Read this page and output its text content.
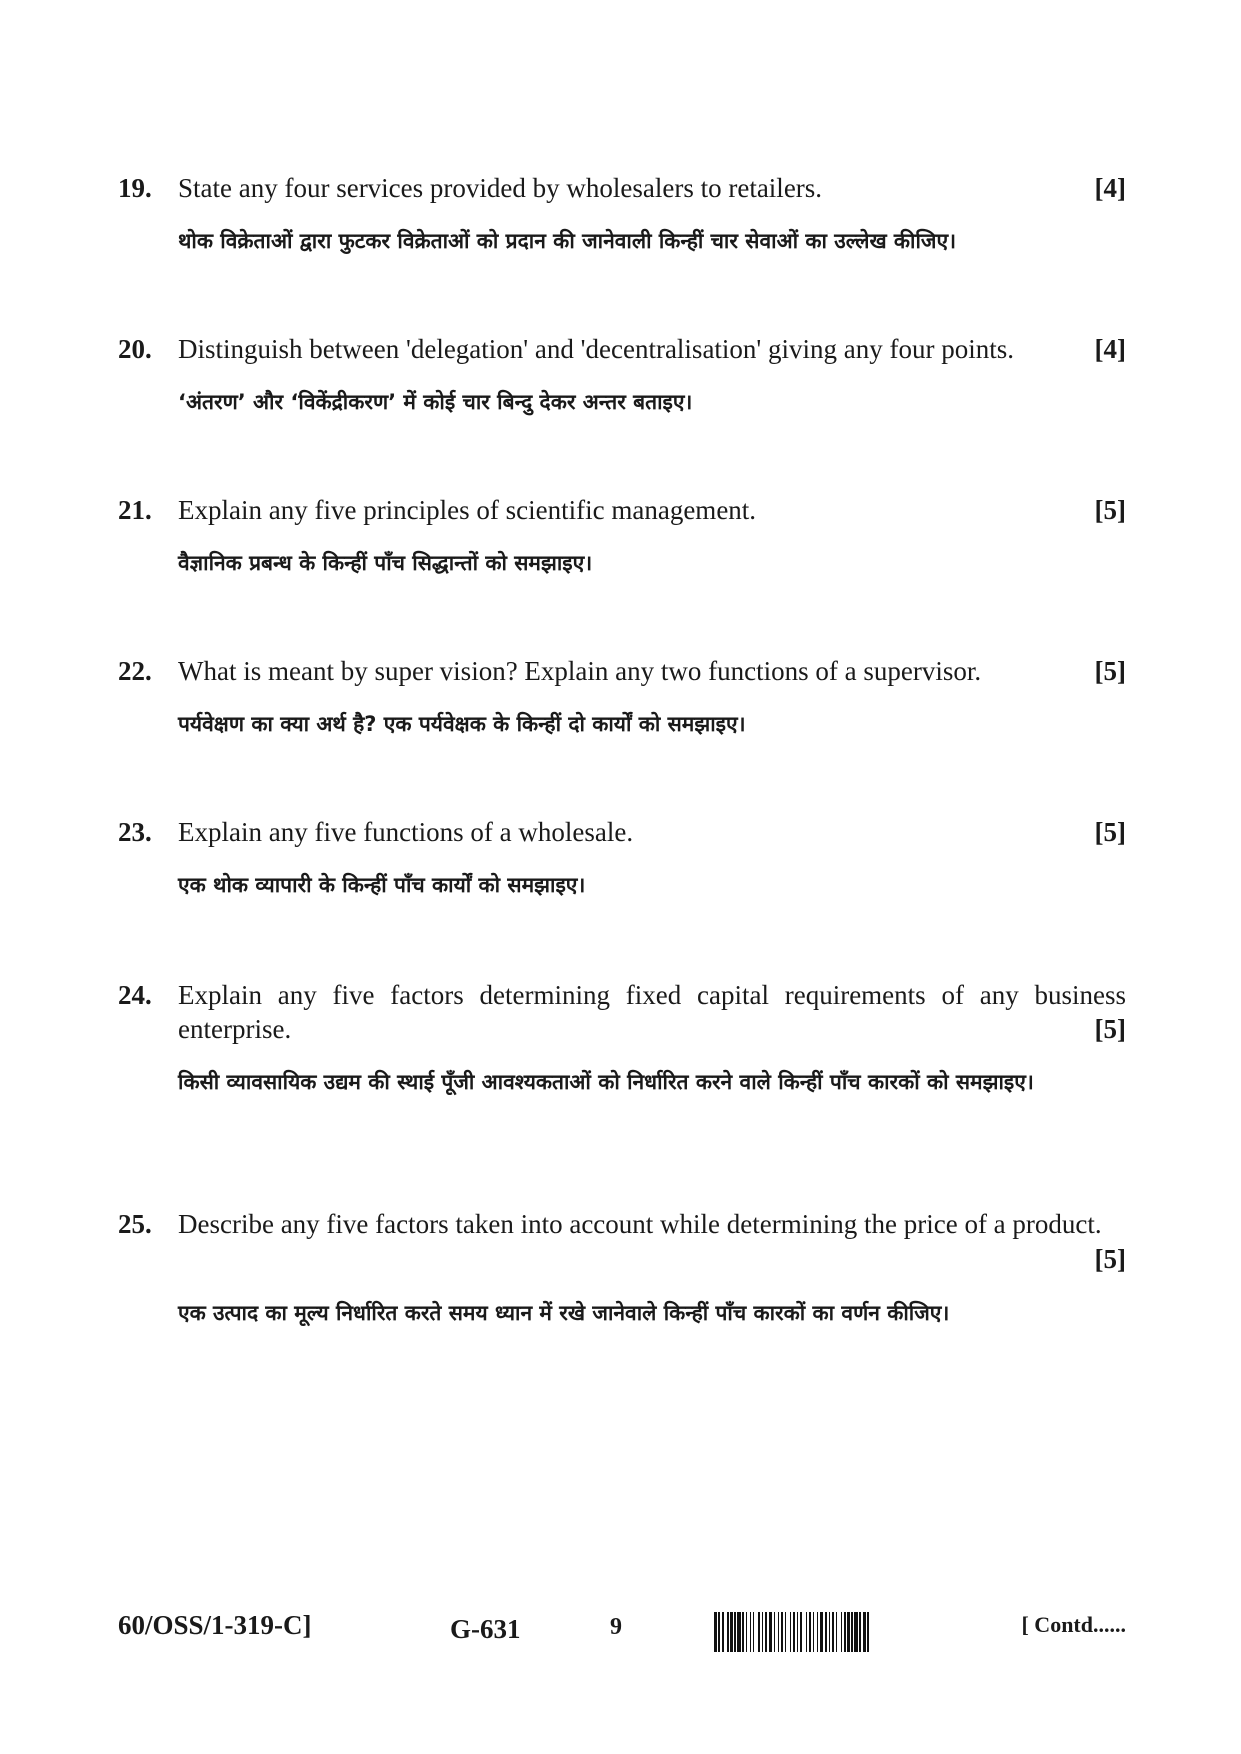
19. State any four services provided by wholesalers to retailers.	[4]
थोक विक्रेताओं द्वारा फुटकर विक्रेताओं को प्रदान की जानेवाली किन्हीं चार सेवाओं का उल्लेख कीजिए।
20. Distinguish between 'delegation' and 'decentralisation' giving any four points.	[4]
‘अंतरण’ और ‘विकेंद्रीकरण’ में कोई चार बिन्दु देकर अन्तर बताइए।
21. Explain any five principles of scientific management.	[5]
वैज्ञानिक प्रबन्ध के किन्हीं पाँच सिद्धान्तों को समझाइए।
22. What is meant by super vision? Explain any two functions of a supervisor.	[5]
पर्यवेक्षण का क्या अर्थ है? एक पर्यवेक्षक के किन्हीं दो कार्यों को समझाइए।
23. Explain any five functions of a wholesale.	[5]
एक थोक व्यापारी के किन्हीं पाँच कार्यों को समझाइए।
24. Explain any five factors determining fixed capital requirements of any business
enterprise.	[5]
किसी व्यावसायिक उद्यम की स्थाई पूँजी आवश्यकताओं को निर्धारित करने वाले किन्हीं पाँच कारकों को समझाइए।
25. Describe any five factors taken into account while determining the price of a product.
[5]
एक उत्पाद का मूल्य निर्धारित करते समय ध्यान में रखे जानेवाले किन्हीं पाँच कारकों का वर्णन कीजिए।
60/OSS/1-319-C]	G-631	9	[ Contd......
